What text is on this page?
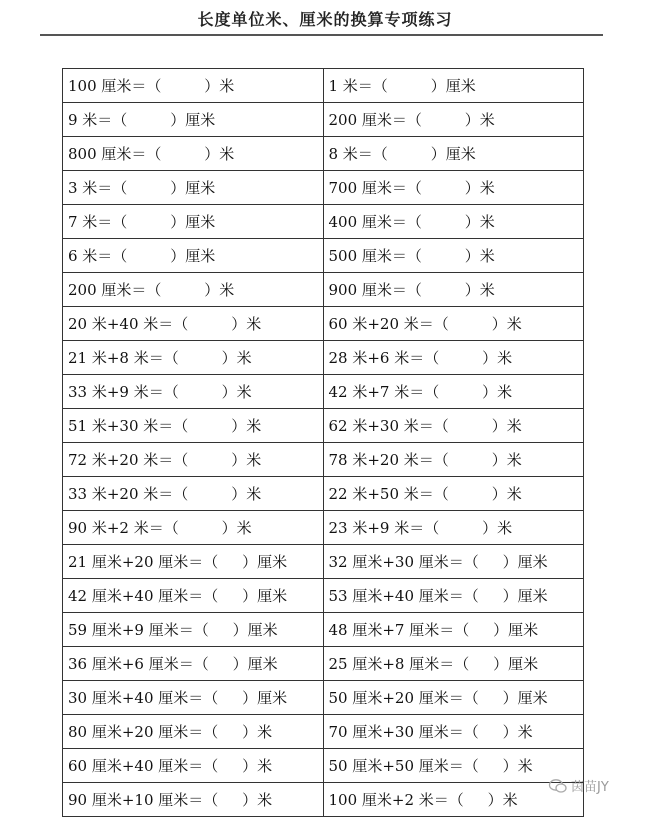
长度单位米、厘米的换算专项练习
100 厘米＝（         ）米	1 米＝（         ）厘米
9 米＝（         ）厘米	200 厘米＝（         ）米
800 厘米＝（         ）米	8 米＝（         ）厘米
3 米＝（         ）厘米	700 厘米＝（         ）米
7 米＝（         ）厘米	400 厘米＝（         ）米
6 米＝（         ）厘米	500 厘米＝（         ）米
200 厘米＝（         ）米	900 厘米＝（         ）米
20 米+40 米＝（         ）米	60 米+20 米＝（         ）米
21 米+8 米＝（         ）米	28 米+6 米＝（         ）米
33 米+9 米＝（         ）米	42 米+7 米＝（         ）米
51 米+30 米＝（         ）米	62 米+30 米＝（         ）米
72 米+20 米＝（         ）米	78 米+20 米＝（         ）米
33 米+20 米＝（         ）米	22 米+50 米＝（         ）米
90 米+2 米＝（         ）米	23 米+9 米＝（         ）米
21 厘米+20 厘米＝（     ）厘米	32 厘米+30 厘米＝（     ）厘米
42 厘米+40 厘米＝（     ）厘米	53 厘米+40 厘米＝（     ）厘米
59 厘米+9 厘米＝（     ）厘米	48 厘米+7 厘米＝（     ）厘米
36 厘米+6 厘米＝（     ）厘米	25 厘米+8 厘米＝（     ）厘米
30 厘米+40 厘米＝（     ）厘米	50 厘米+20 厘米＝（     ）厘米
80 厘米+20 厘米＝（     ）米	70 厘米+30 厘米＝（     ）米
60 厘米+40 厘米＝（     ）米	50 厘米+50 厘米＝（     ）米
90 厘米+10 厘米＝（     ）米	100 厘米+2 米＝（     ）米
茵苗JY
